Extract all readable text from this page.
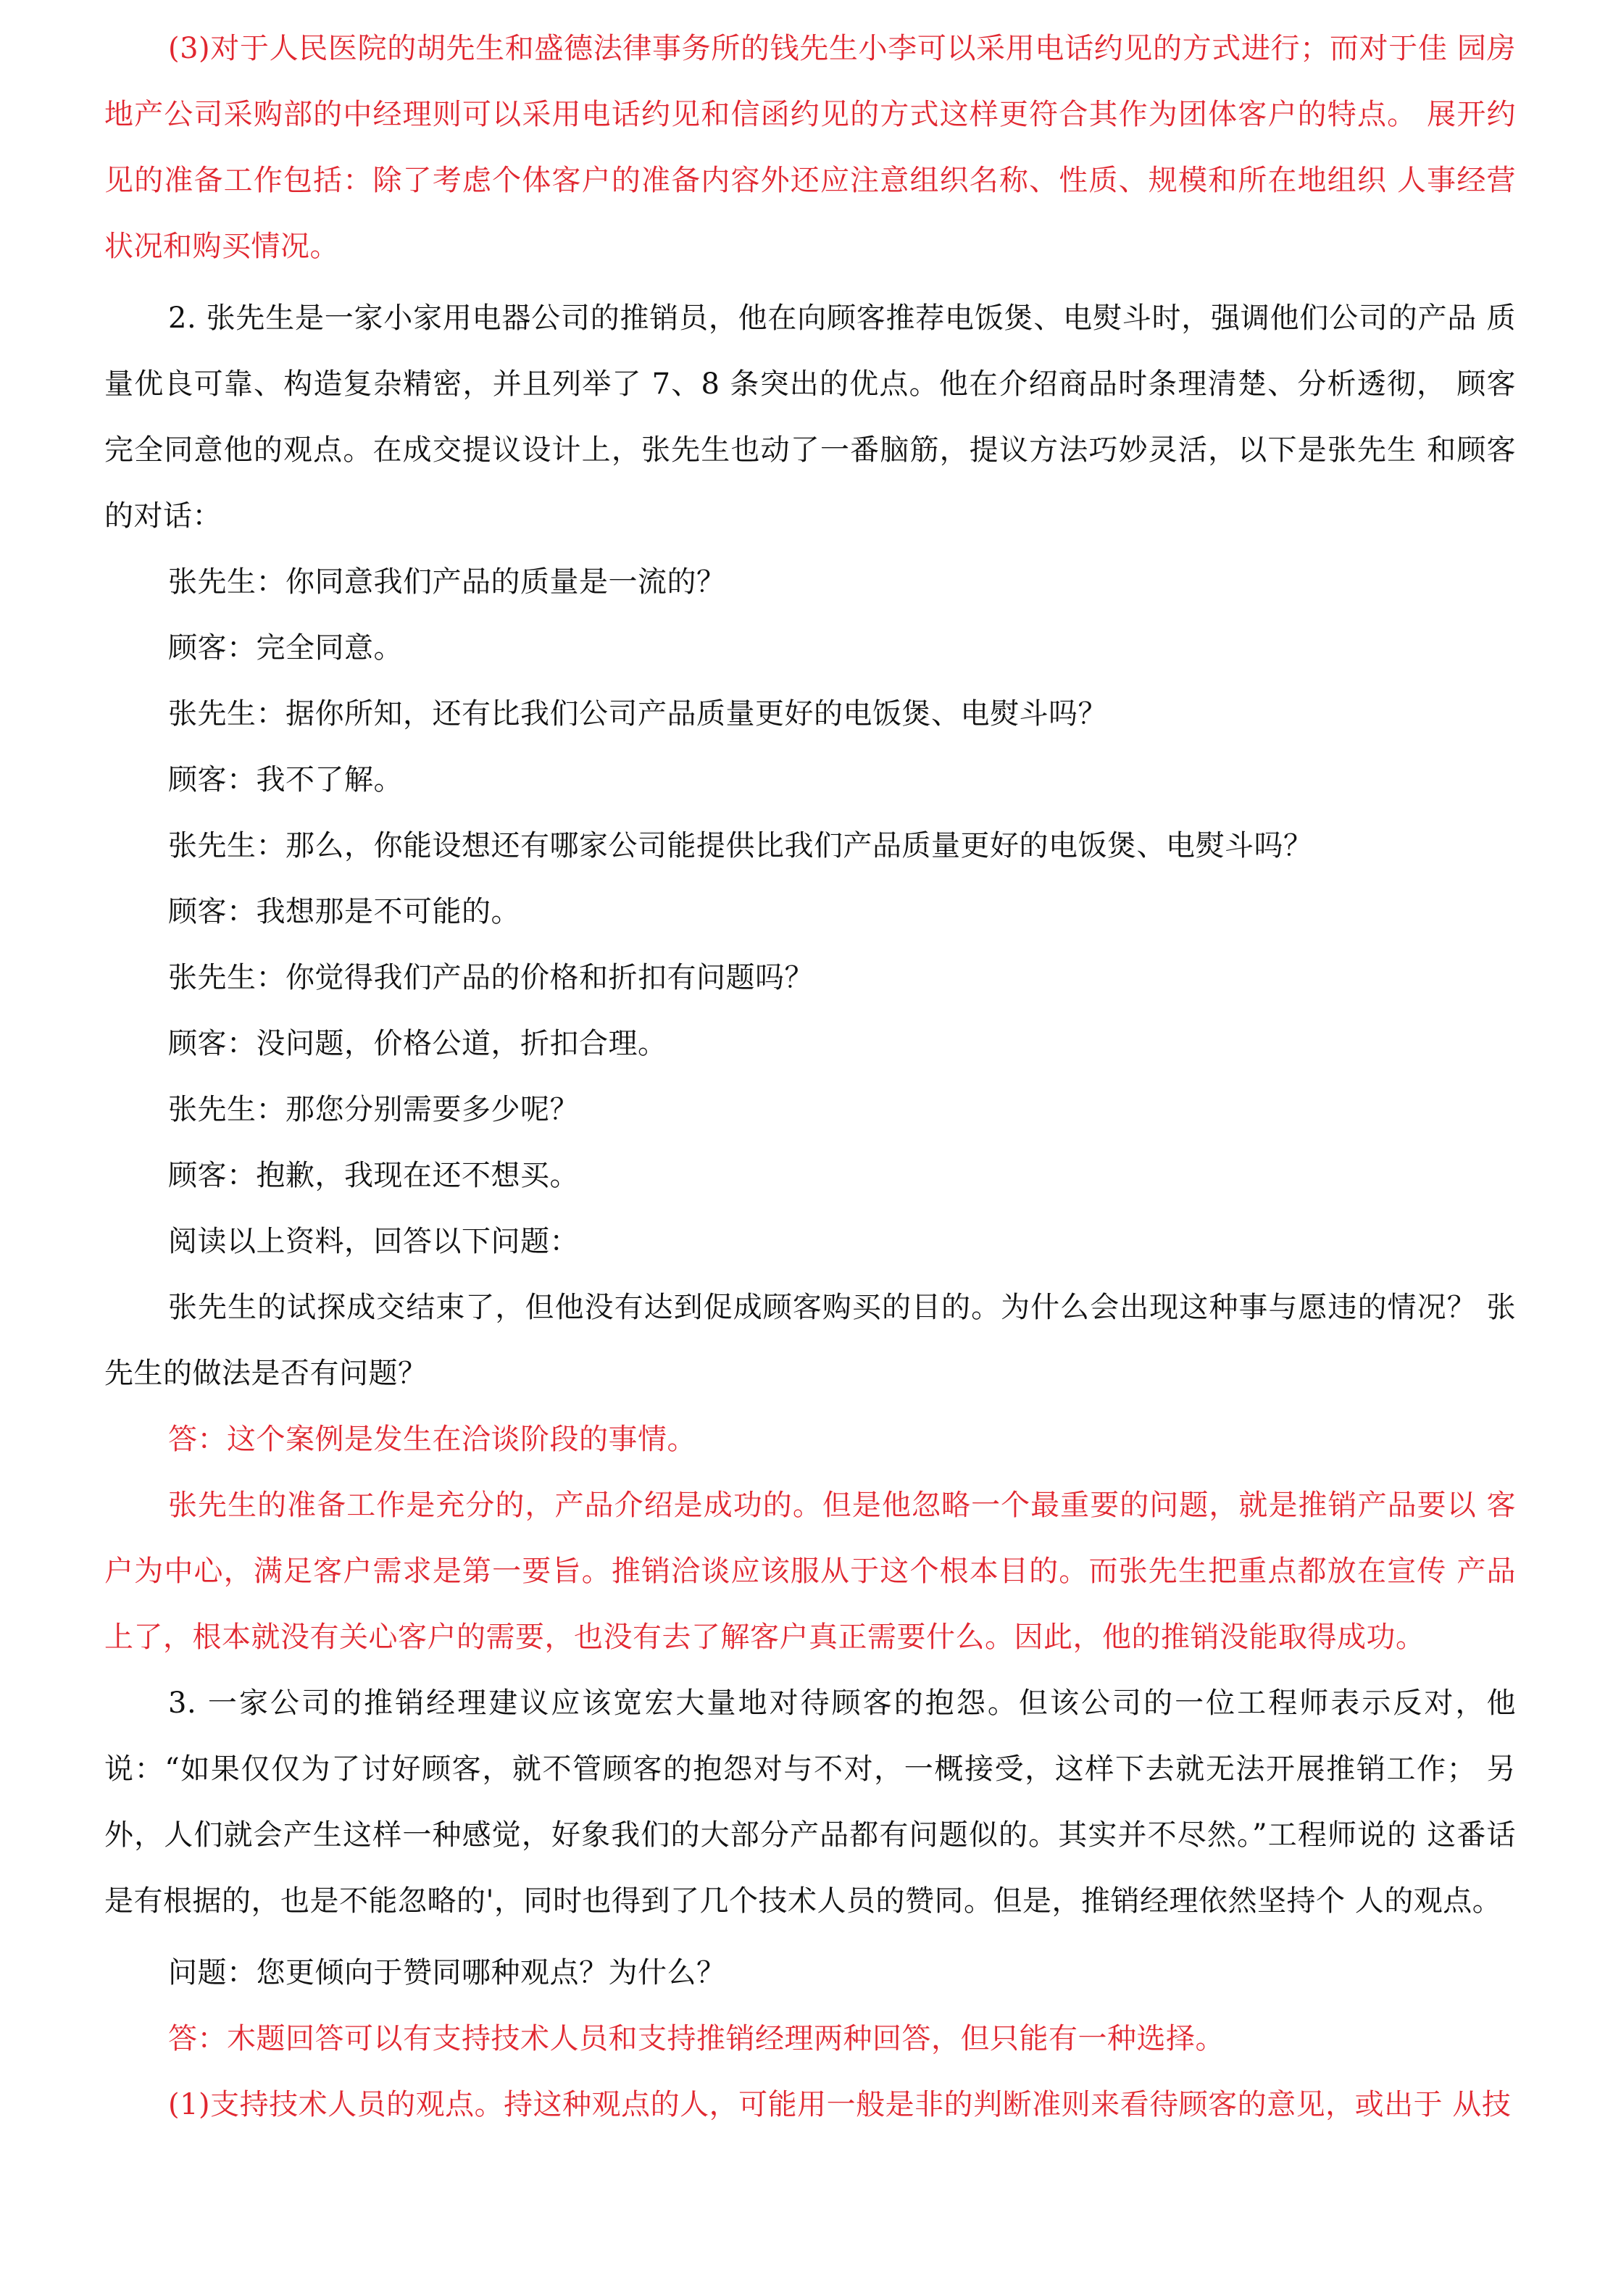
(3)对于人民医院的胡先生和盛德法律事务所的钱先生小李可以采用电话约见的方式进行；而对于佳 园房地产公司采购部的中经理则可以采用电话约见和信函约见的方式这样更符合其作为团体客户的特点。 展开约见的准备工作包括：除了考虑个体客户的准备内容外还应注意组织名称、性质、规模和所在地组织 人事经营状况和购买情况。

2. 张先生是一家小家用电器公司的推销员，他在向顾客推荐电饭煲、电熨斗时，强调他们公司的产品 质量优良可靠、构造复杂精密，并且列举了 7、8 条突出的优点。他在介绍商品时条理清楚、分析透彻， 顾客完全同意他的观点。在成交提议设计上，张先生也动了一番脑筋，提议方法巧妙灵活，以下是张先生 和顾客的对话：

张先生：你同意我们产品的质量是一流的？

顾客：完全同意。

张先生：据你所知，还有比我们公司产品质量更好的电饭煲、电熨斗吗？

顾客：我不了解。

张先生：那么，你能设想还有哪家公司能提供比我们产品质量更好的电饭煲、电熨斗吗？

顾客：我想那是不可能的。

张先生：你觉得我们产品的价格和折扣有问题吗？

顾客：没问题，价格公道，折扣合理。

张先生：那您分别需要多少呢？

顾客：抱歉，我现在还不想买。

阅读以上资料，回答以下问题：

张先生的试探成交结束了，但他没有达到促成顾客购买的目的。为什么会出现这种事与愿违的情况？ 张先生的做法是否有问题？

答：这个案例是发生在洽谈阶段的事情。

张先生的准备工作是充分的，产品介绍是成功的。但是他忽略一个最重要的问题，就是推销产品要以 客户为中心，满足客户需求是第一要旨。推销洽谈应该服从于这个根本目的。而张先生把重点都放在宣传 产品上了，根本就没有关心客户的需要，也没有去了解客户真正需要什么。因此，他的推销没能取得成功。

3. 一家公司的推销经理建议应该宽宏大量地对待顾客的抱怨。但该公司的一位工程师表示反对，他 说：“如果仅仅为了讨好顾客，就不管顾客的抱怨对与不对，一概接受，这样下去就无法开展推销工作； 另外，人们就会产生这样一种感觉，好象我们的大部分产品都有问题似的。其实并不尽然。”工程师说的 这番话是有根据的，也是不能忽略的'，同时也得到了几个技术人员的赞同。但是，推销经理依然坚持个 人的观点。

问题：您更倾向于赞同哪种观点？为什么？

答：木题回答可以有支持技术人员和支持推销经理两种回答，但只能有一种选择。

(1)支持技术人员的观点。持这种观点的人，可能用一般是非的判断准则来看待顾客的意见，或出于 从技
